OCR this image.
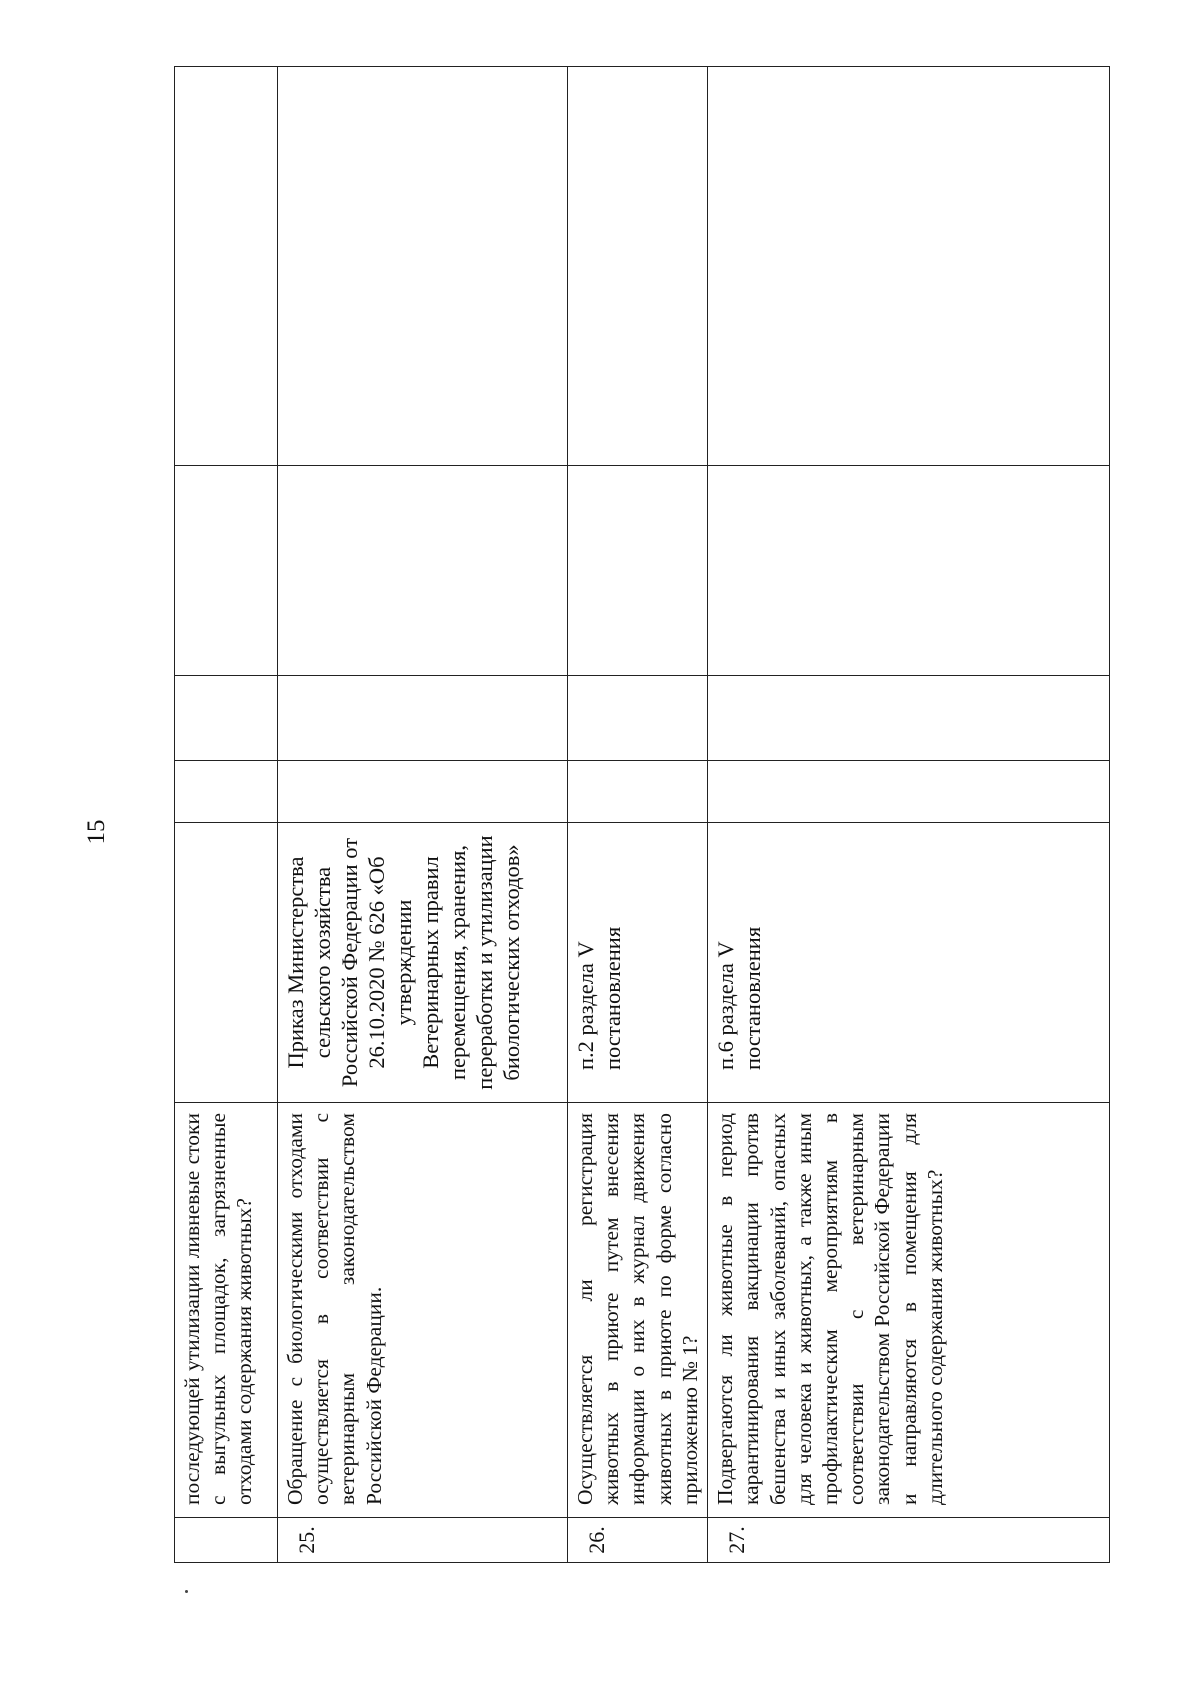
15
	последующей утилизации ливневые стоки с выгульных площадок, загрязненные отходами содержания животных?					
25.	Обращение с биологическими отходами осуществляется в соответствии с ветеринарным законодательством Российской Федерации.	Приказ Министерства сельского хозяйства Российской Федерации от 26.10.2020 № 626 «Об утверждении Ветеринарных правил перемещения, хранения, переработки и утилизации биологических отходов»				
26.	Осуществляется ли регистрация животных в приюте путем внесения информации о них в журнал движения животных в приюте по форме согласно приложению № 1?	п.2 раздела V постановления				
27.	Подвергаются ли животные в период карантинирования вакцинации против бешенства и иных заболеваний, опасных для человека и животных, а также иным профилактическим мероприятиям в соответствии с ветеринарным законодательством Российской Федерации и направляются в помещения для длительного содержания животных?	п.6 раздела V постановления				
